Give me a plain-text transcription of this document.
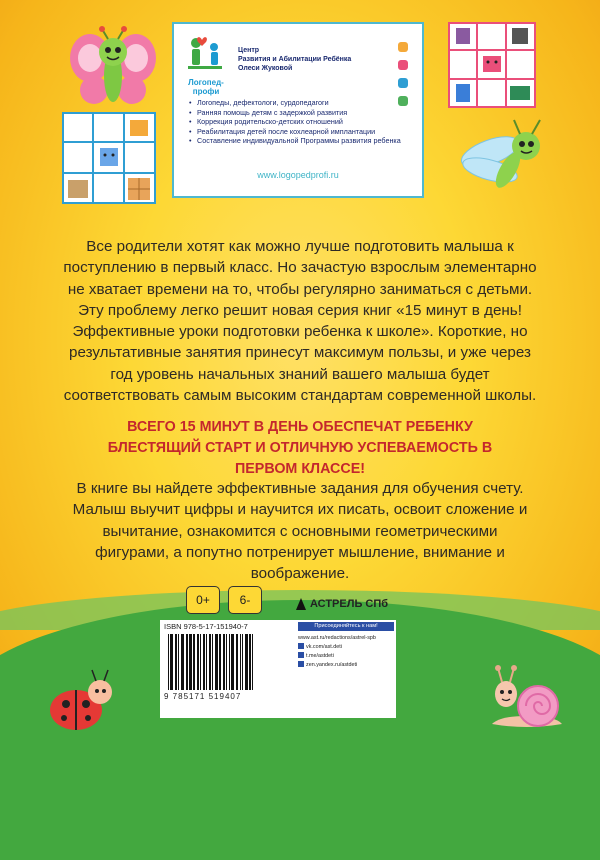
Логопед-профи
Центр
Развития и Абилитации Ребёнка
Олеси Жуковой
• Логопеды, дефектологи, сурдопедагоги
• Ранняя помощь детям с задержкой развития
• Коррекция родительско-детских отношений
• Реабилитация детей после кохлеарной имплантации
• Составление индивидуальной Программы развития ребенка
www.logopedprofi.ru
Все родители хотят как можно лучше подготовить малыша к поступлению в первый класс. Но зачастую взрослым элементарно не хватает времени на то, чтобы регулярно заниматься с детьми. Эту проблему легко решит новая серия книг «15 минут в день! Эффективные уроки подготовки ребенка к школе». Короткие, но результативные занятия принесут максимум пользы, и уже через год уровень начальных знаний вашего малыша будет соответствовать самым высоким стандартам современной школы.
ВСЕГО 15 МИНУТ В ДЕНЬ ОБЕСПЕЧАТ РЕБЕНКУ БЛЕСТЯЩИЙ СТАРТ И ОТЛИЧНУЮ УСПЕВАЕМОСТЬ В ПЕРВОМ КЛАССЕ!
В книге вы найдете эффективные задания для обучения счету. Малыш выучит цифры и научится их писать, освоит сложение и вычитание, ознакомится с основными геометрическими фигурами, а попутно потренирует мышление, внимание и воображение.
0+	6-
ISBN 978-5-17-151940-7
9 785171 519407
Присоединяйтесь к нам!
www.ast.ru/redactions/astrel-spb
vk.com/ast.deti
t.me/astdeti
zen.yandex.ru/astdeti
АСТРЕЛЬ СПб
